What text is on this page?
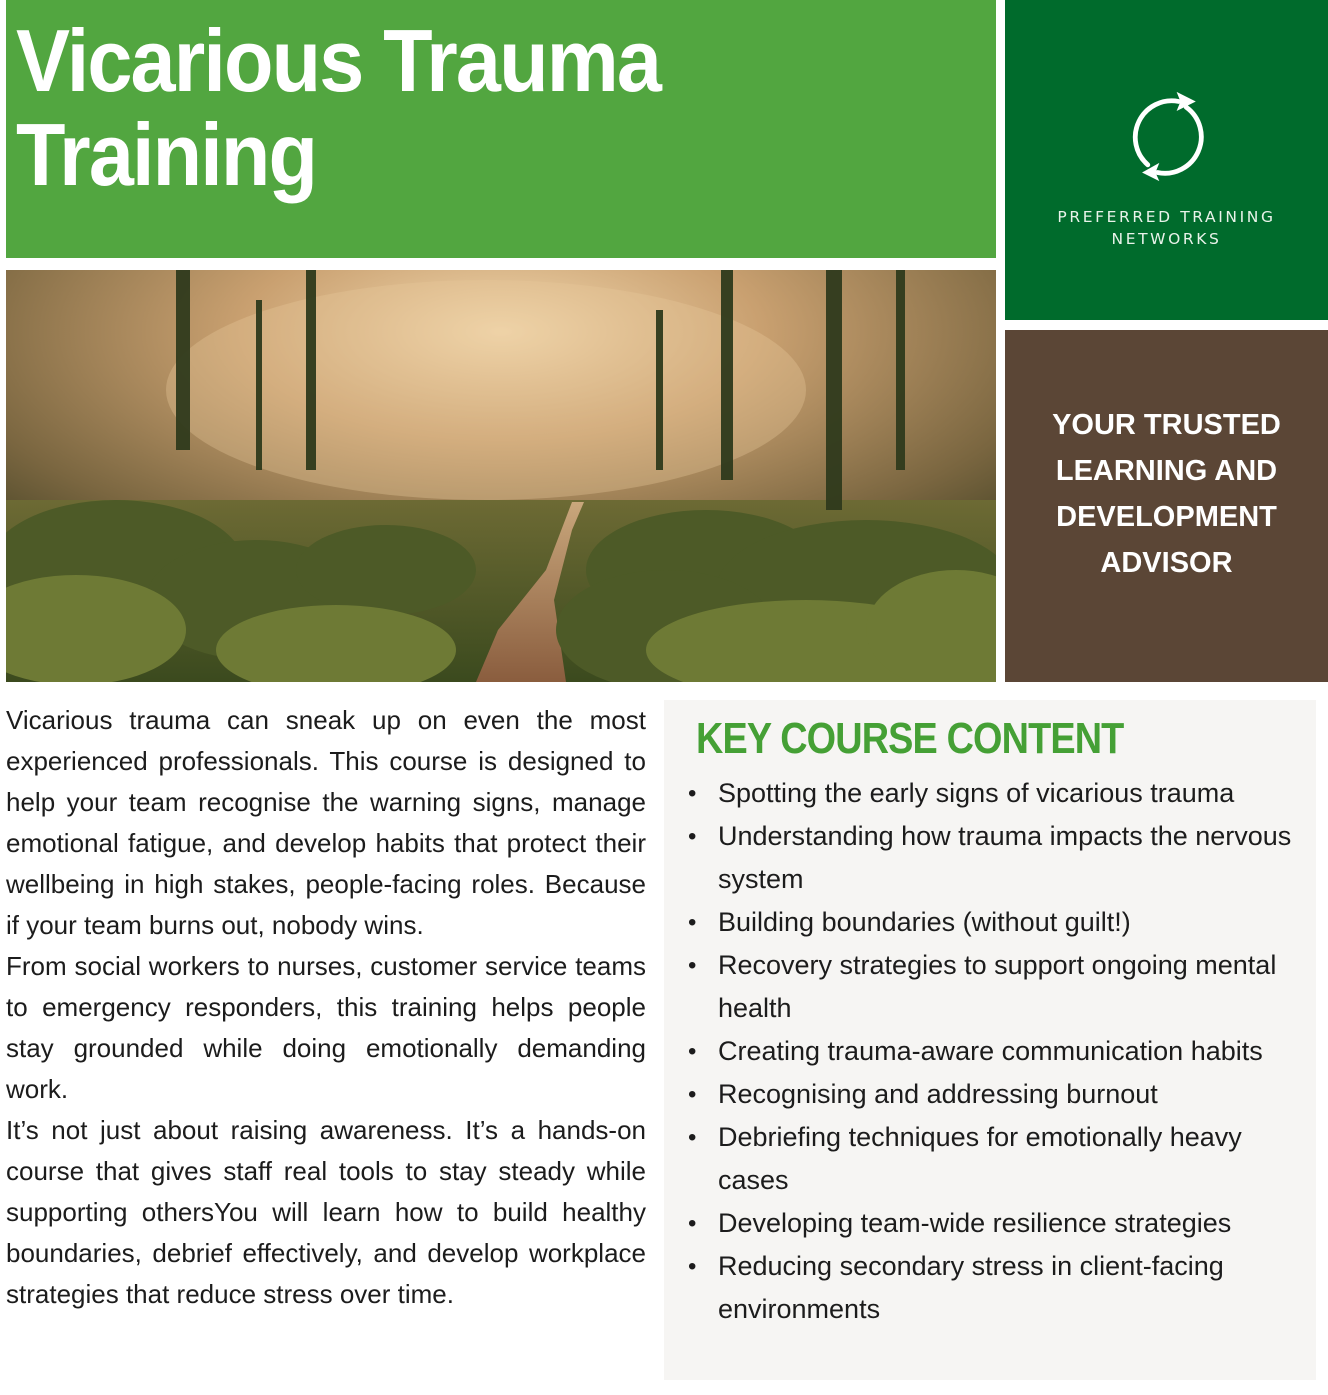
Vicarious Trauma
Training
PREFERRED TRAINING
NETWORKS
YOUR TRUSTED
LEARNING AND
DEVELOPMENT
ADVISOR

Vicarious trauma can sneak up on even the most experienced professionals. This course is designed to help your team recognise the warning signs, manage emotional fatigue, and develop habits that protect their wellbeing in high stakes, people-facing roles. Because if your team burns out, nobody wins.

From social workers to nurses, customer service teams to emergency responders, this training helps people stay grounded while doing emotionally demanding work.

It’s not just about raising awareness. It’s a hands-on course that gives staff real tools to stay steady while supporting othersYou will learn how to build healthy boundaries, debrief effectively, and develop workplace strategies that reduce stress over time.

KEY COURSE CONTENT
• Spotting the early signs of vicarious trauma
• Understanding how trauma impacts the nervous system
• Building boundaries (without guilt!)
• Recovery strategies to support ongoing mental health
• Creating trauma-aware communication habits
• Recognising and addressing burnout
• Debriefing techniques for emotionally heavy cases
• Developing team-wide resilience strategies
• Reducing secondary stress in client-facing environments
